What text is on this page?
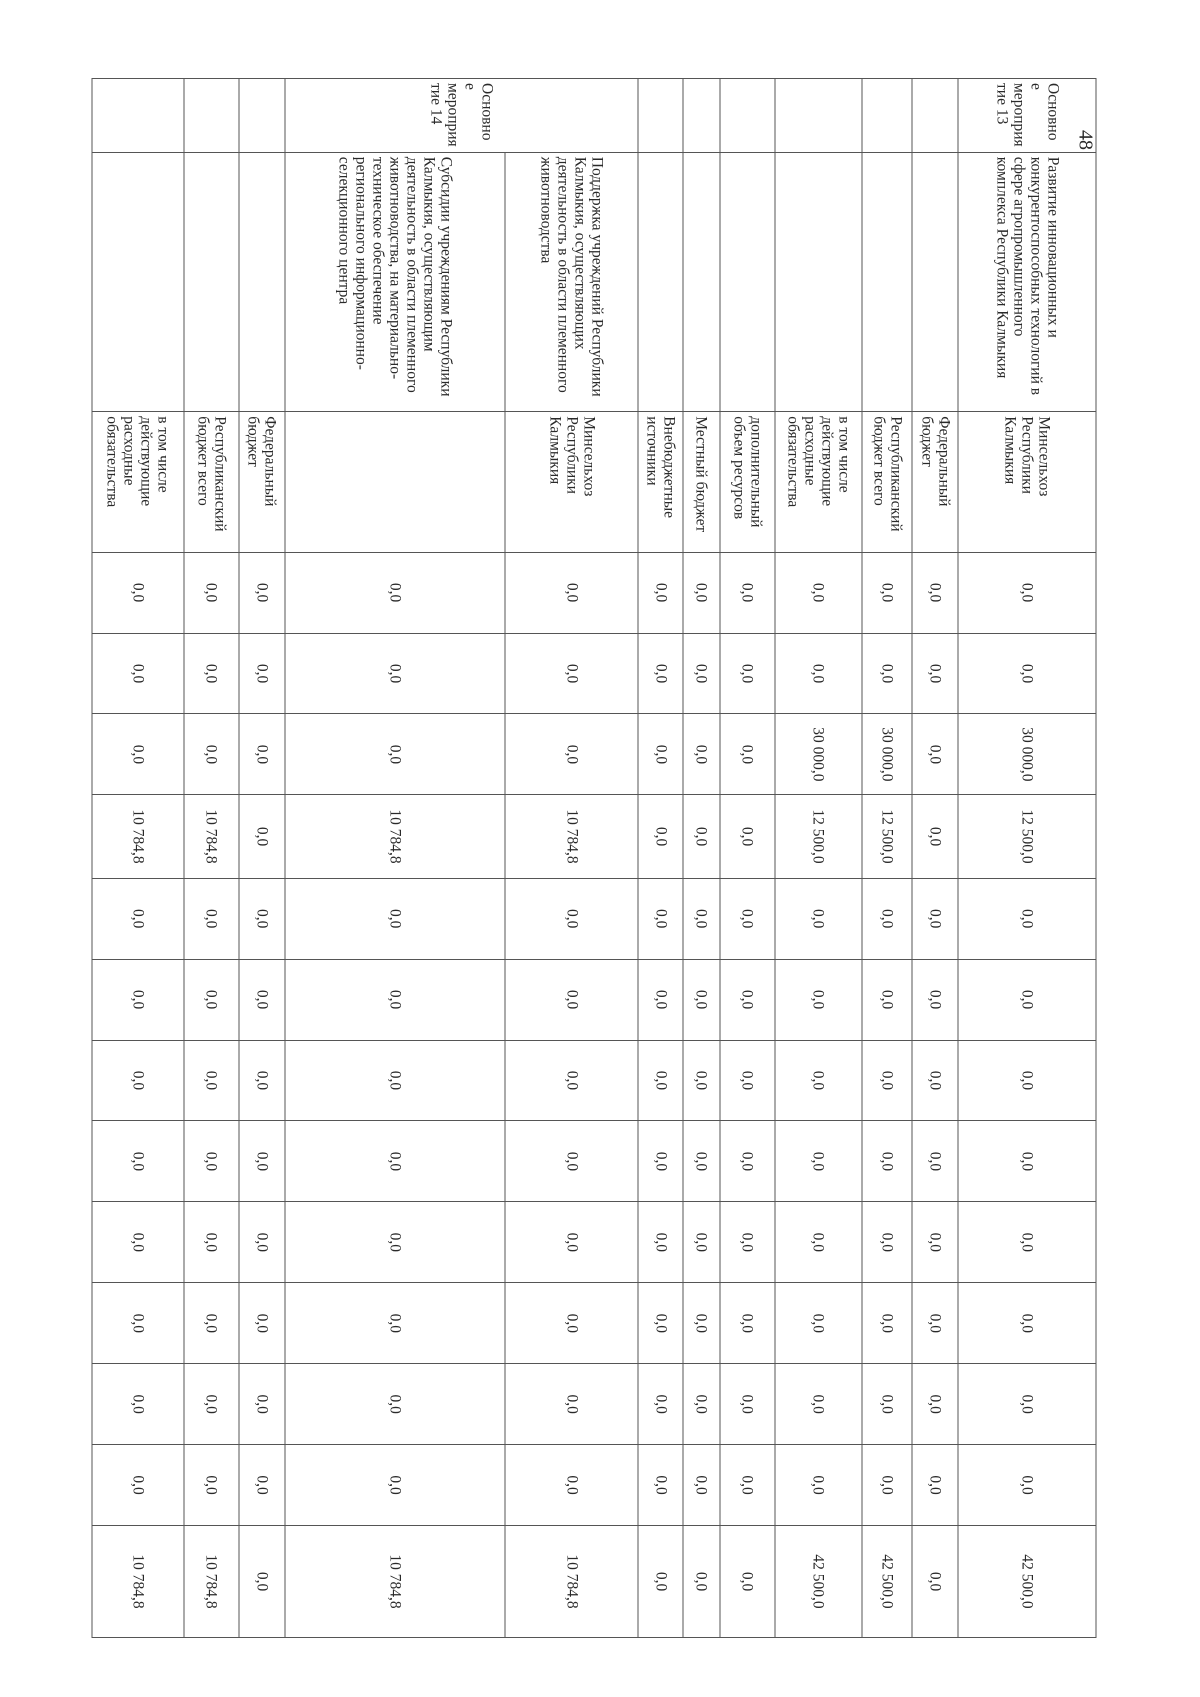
48
Основно е мероприя тие 13	Развитие инновационных и конкурентоспособных технологий в сфере агропромышленного комплекса Республики Калмыкия	Минсельхоз Республики Калмыкия	0,0	0,0	30 000,0	12 500,0	0,0	0,0	0,0	0,0	0,0	0,0	0,0	0,0	42 500,0
		Федеральный бюджет	0,0	0,0	0,0	0,0	0,0	0,0	0,0	0,0	0,0	0,0	0,0	0,0	0,0
		Республиканский бюджет всего	0,0	0,0	30 000,0	12 500,0	0,0	0,0	0,0	0,0	0,0	0,0	0,0	0,0	42 500,0
		в том числе действующие расходные обязательства	0,0	0,0	30 000,0	12 500,0	0,0	0,0	0,0	0,0	0,0	0,0	0,0	0,0	42 500,0
		дополнительный объем ресурсов	0,0	0,0	0,0	0,0	0,0	0,0	0,0	0,0	0,0	0,0	0,0	0,0	0,0
		Местный бюджет	0,0	0,0	0,0	0,0	0,0	0,0	0,0	0,0	0,0	0,0	0,0	0,0	0,0
		Внебюджетные источники	0,0	0,0	0,0	0,0	0,0	0,0	0,0	0,0	0,0	0,0	0,0	0,0	0,0
Основно е мероприя тие 14	Поддержка учреждений Республики Калмыкия, осуществляющих деятельность в области племенного животноводства	Минсельхоз Республики Калмыкия	0,0	0,0	0,0	10 784,8	0,0	0,0	0,0	0,0	0,0	0,0	0,0	0,0	10 784,8
	Субсидии учреждениям Республики Калмыкия, осуществляющим деятельность в области племенного животноводства, на материально-техническое обеспечение регионального информационно-селекционного центра		0,0	0,0	0,0	10 784,8	0,0	0,0	0,0	0,0	0,0	0,0	0,0	0,0	10 784,8
		Федеральный бюджет	0,0	0,0	0,0	0,0	0,0	0,0	0,0	0,0	0,0	0,0	0,0	0,0	0,0
		Республиканский бюджет всего	0,0	0,0	0,0	10 784,8	0,0	0,0	0,0	0,0	0,0	0,0	0,0	0,0	10 784,8
		в том числе действующие расходные обязательства	0,0	0,0	0,0	10 784,8	0,0	0,0	0,0	0,0	0,0	0,0	0,0	0,0	10 784,8
